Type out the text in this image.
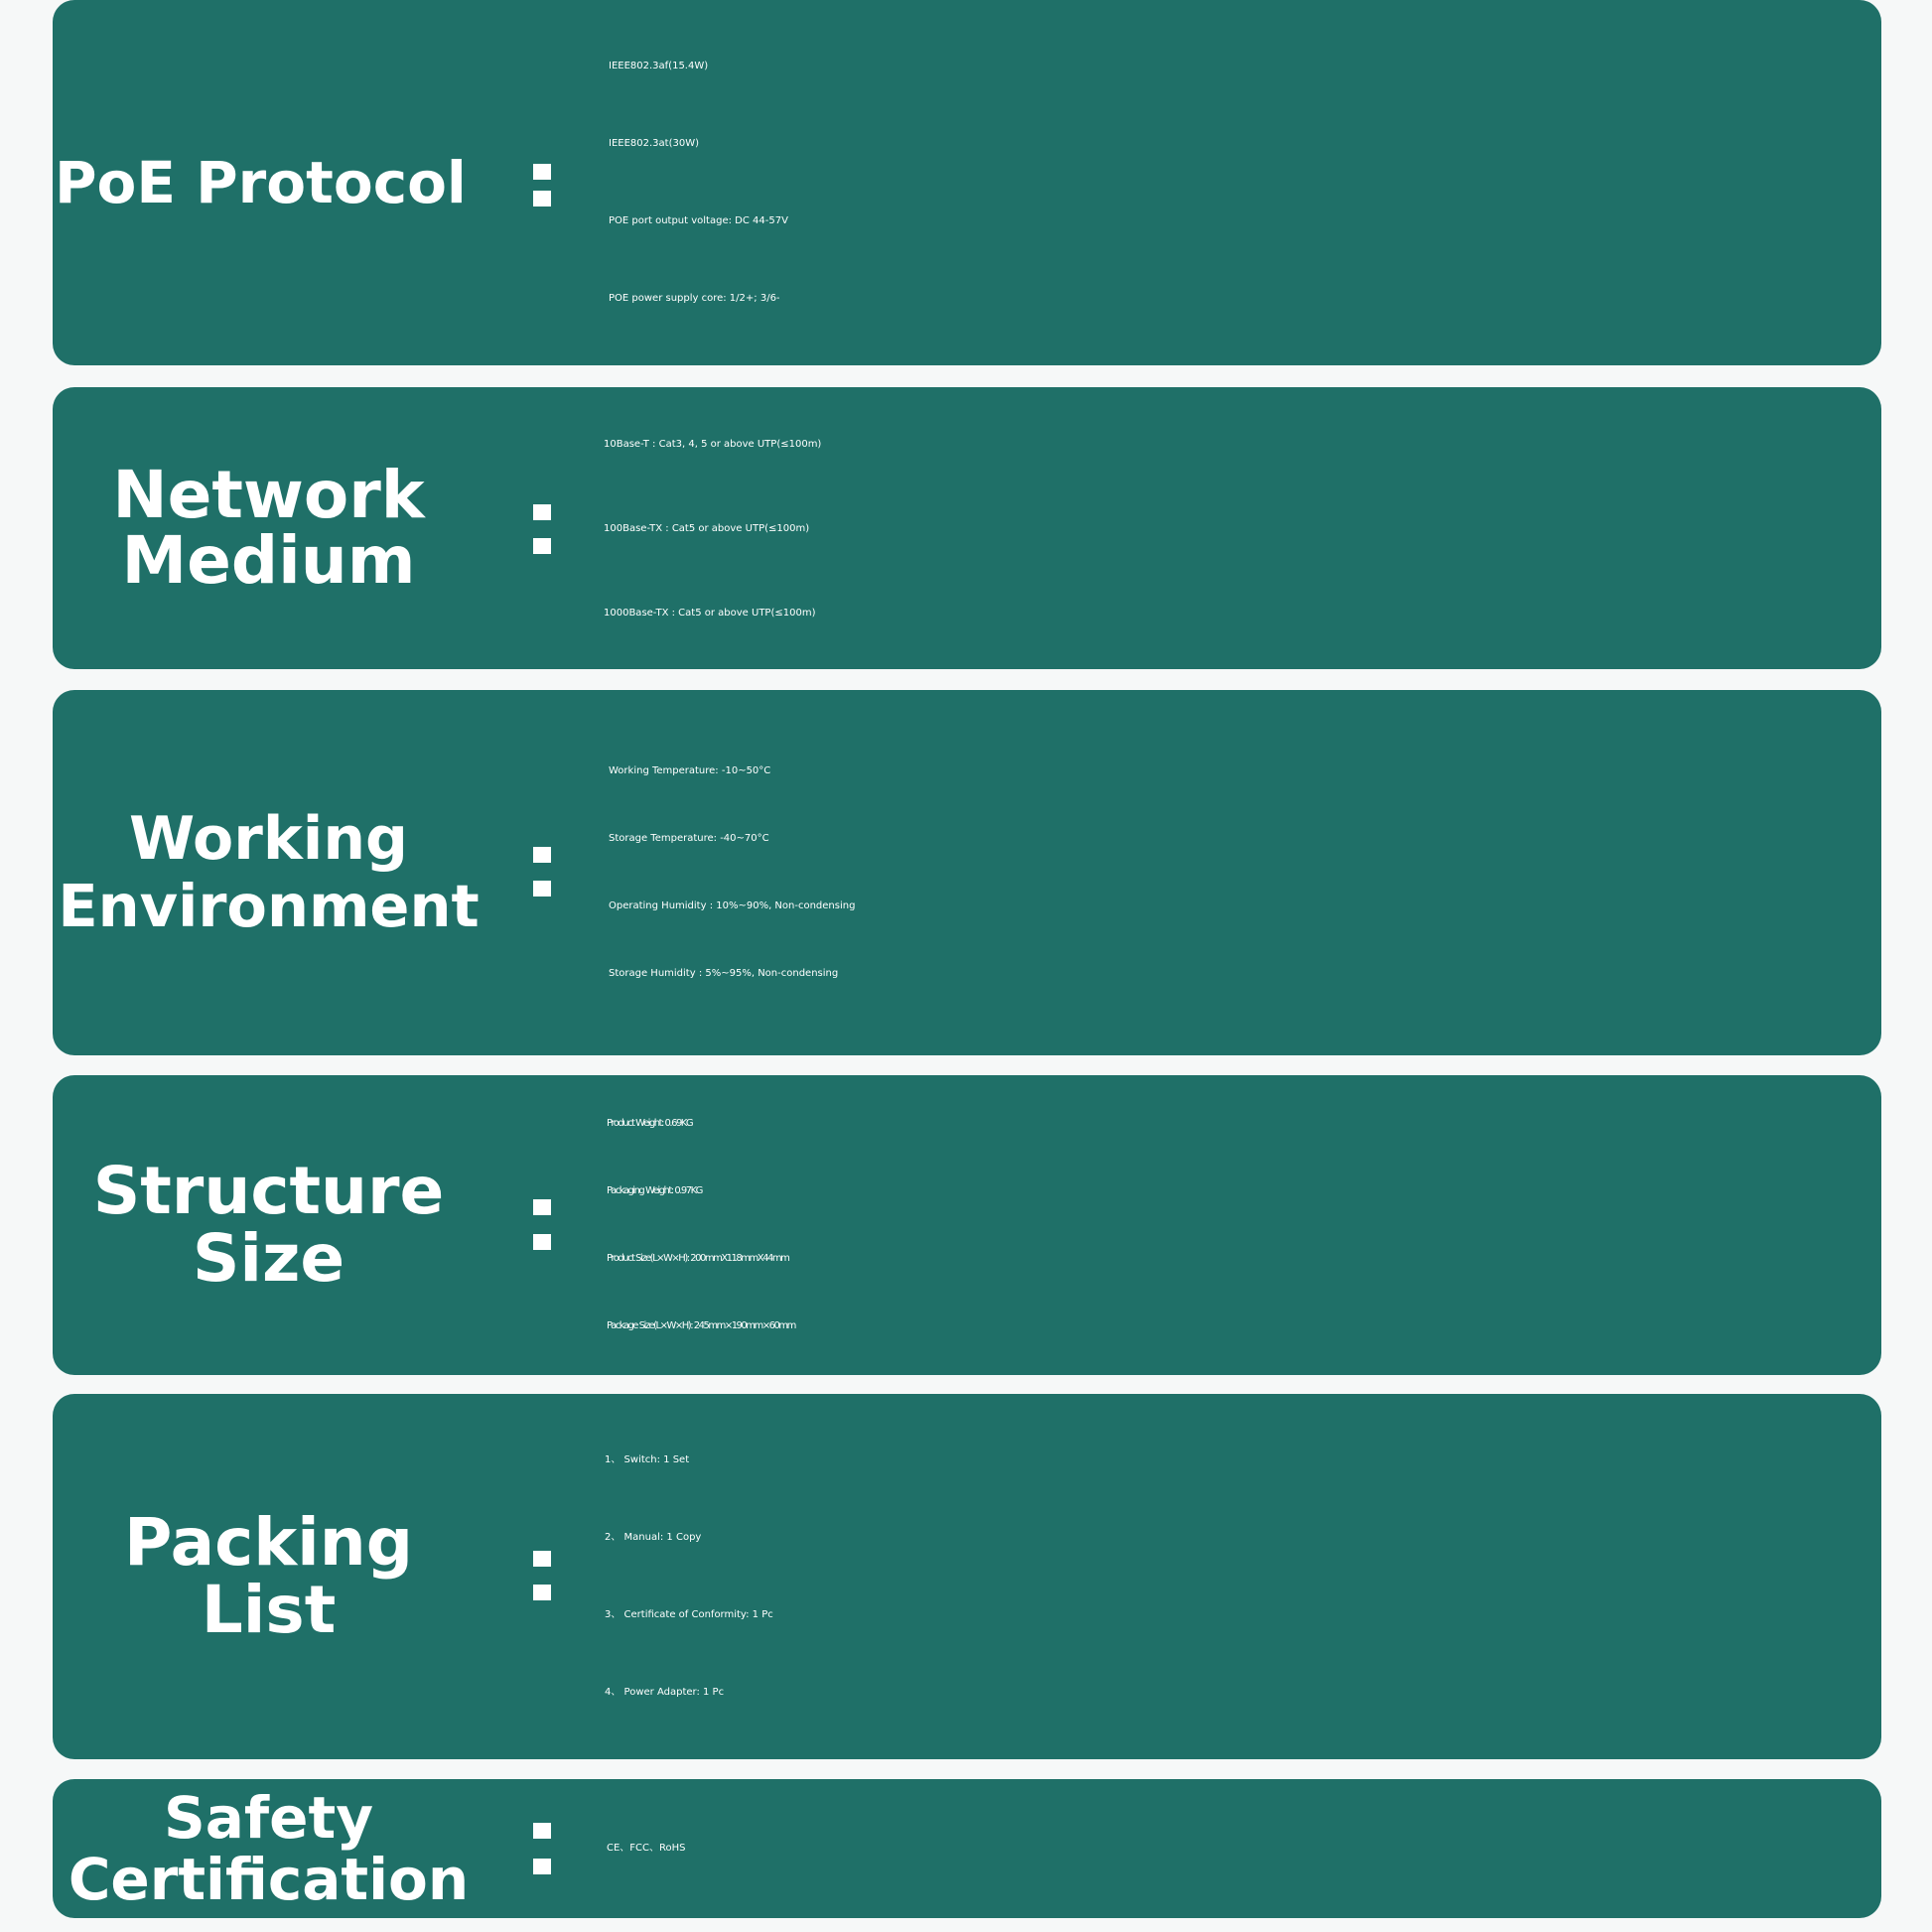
PoE Protocol
IEEE802.3af(15.4W)
IEEE802.3at(30W)
POE port output voltage: DC 44-57V
POE power supply core: 1/2+; 3/6-
Network
Medium
10Base-T : Cat3, 4, 5 or above UTP(≤100m)
100Base-TX : Cat5 or above UTP(≤100m)
1000Base-TX : Cat5 or above UTP(≤100m)
Working
Environment
Working Temperature: -10~50°C
Storage Temperature: -40~70°C
Operating Humidity : 10%~90%, Non-condensing
Storage Humidity : 5%~95%, Non-condensing
Structure
Size
Product Weight: 0.69KG
Packaging Weight: 0.97KG
Product Size(L×W×H): 200mmX118mmX44mm
Package Size(L×W×H): 245mm×190mm×60mm
Packing
List
1、 Switch: 1 Set
2、 Manual: 1 Copy
3、 Certificate of Conformity: 1 Pc
4、 Power Adapter: 1 Pc
Safety
Certification	CE、FCC、RoHS
